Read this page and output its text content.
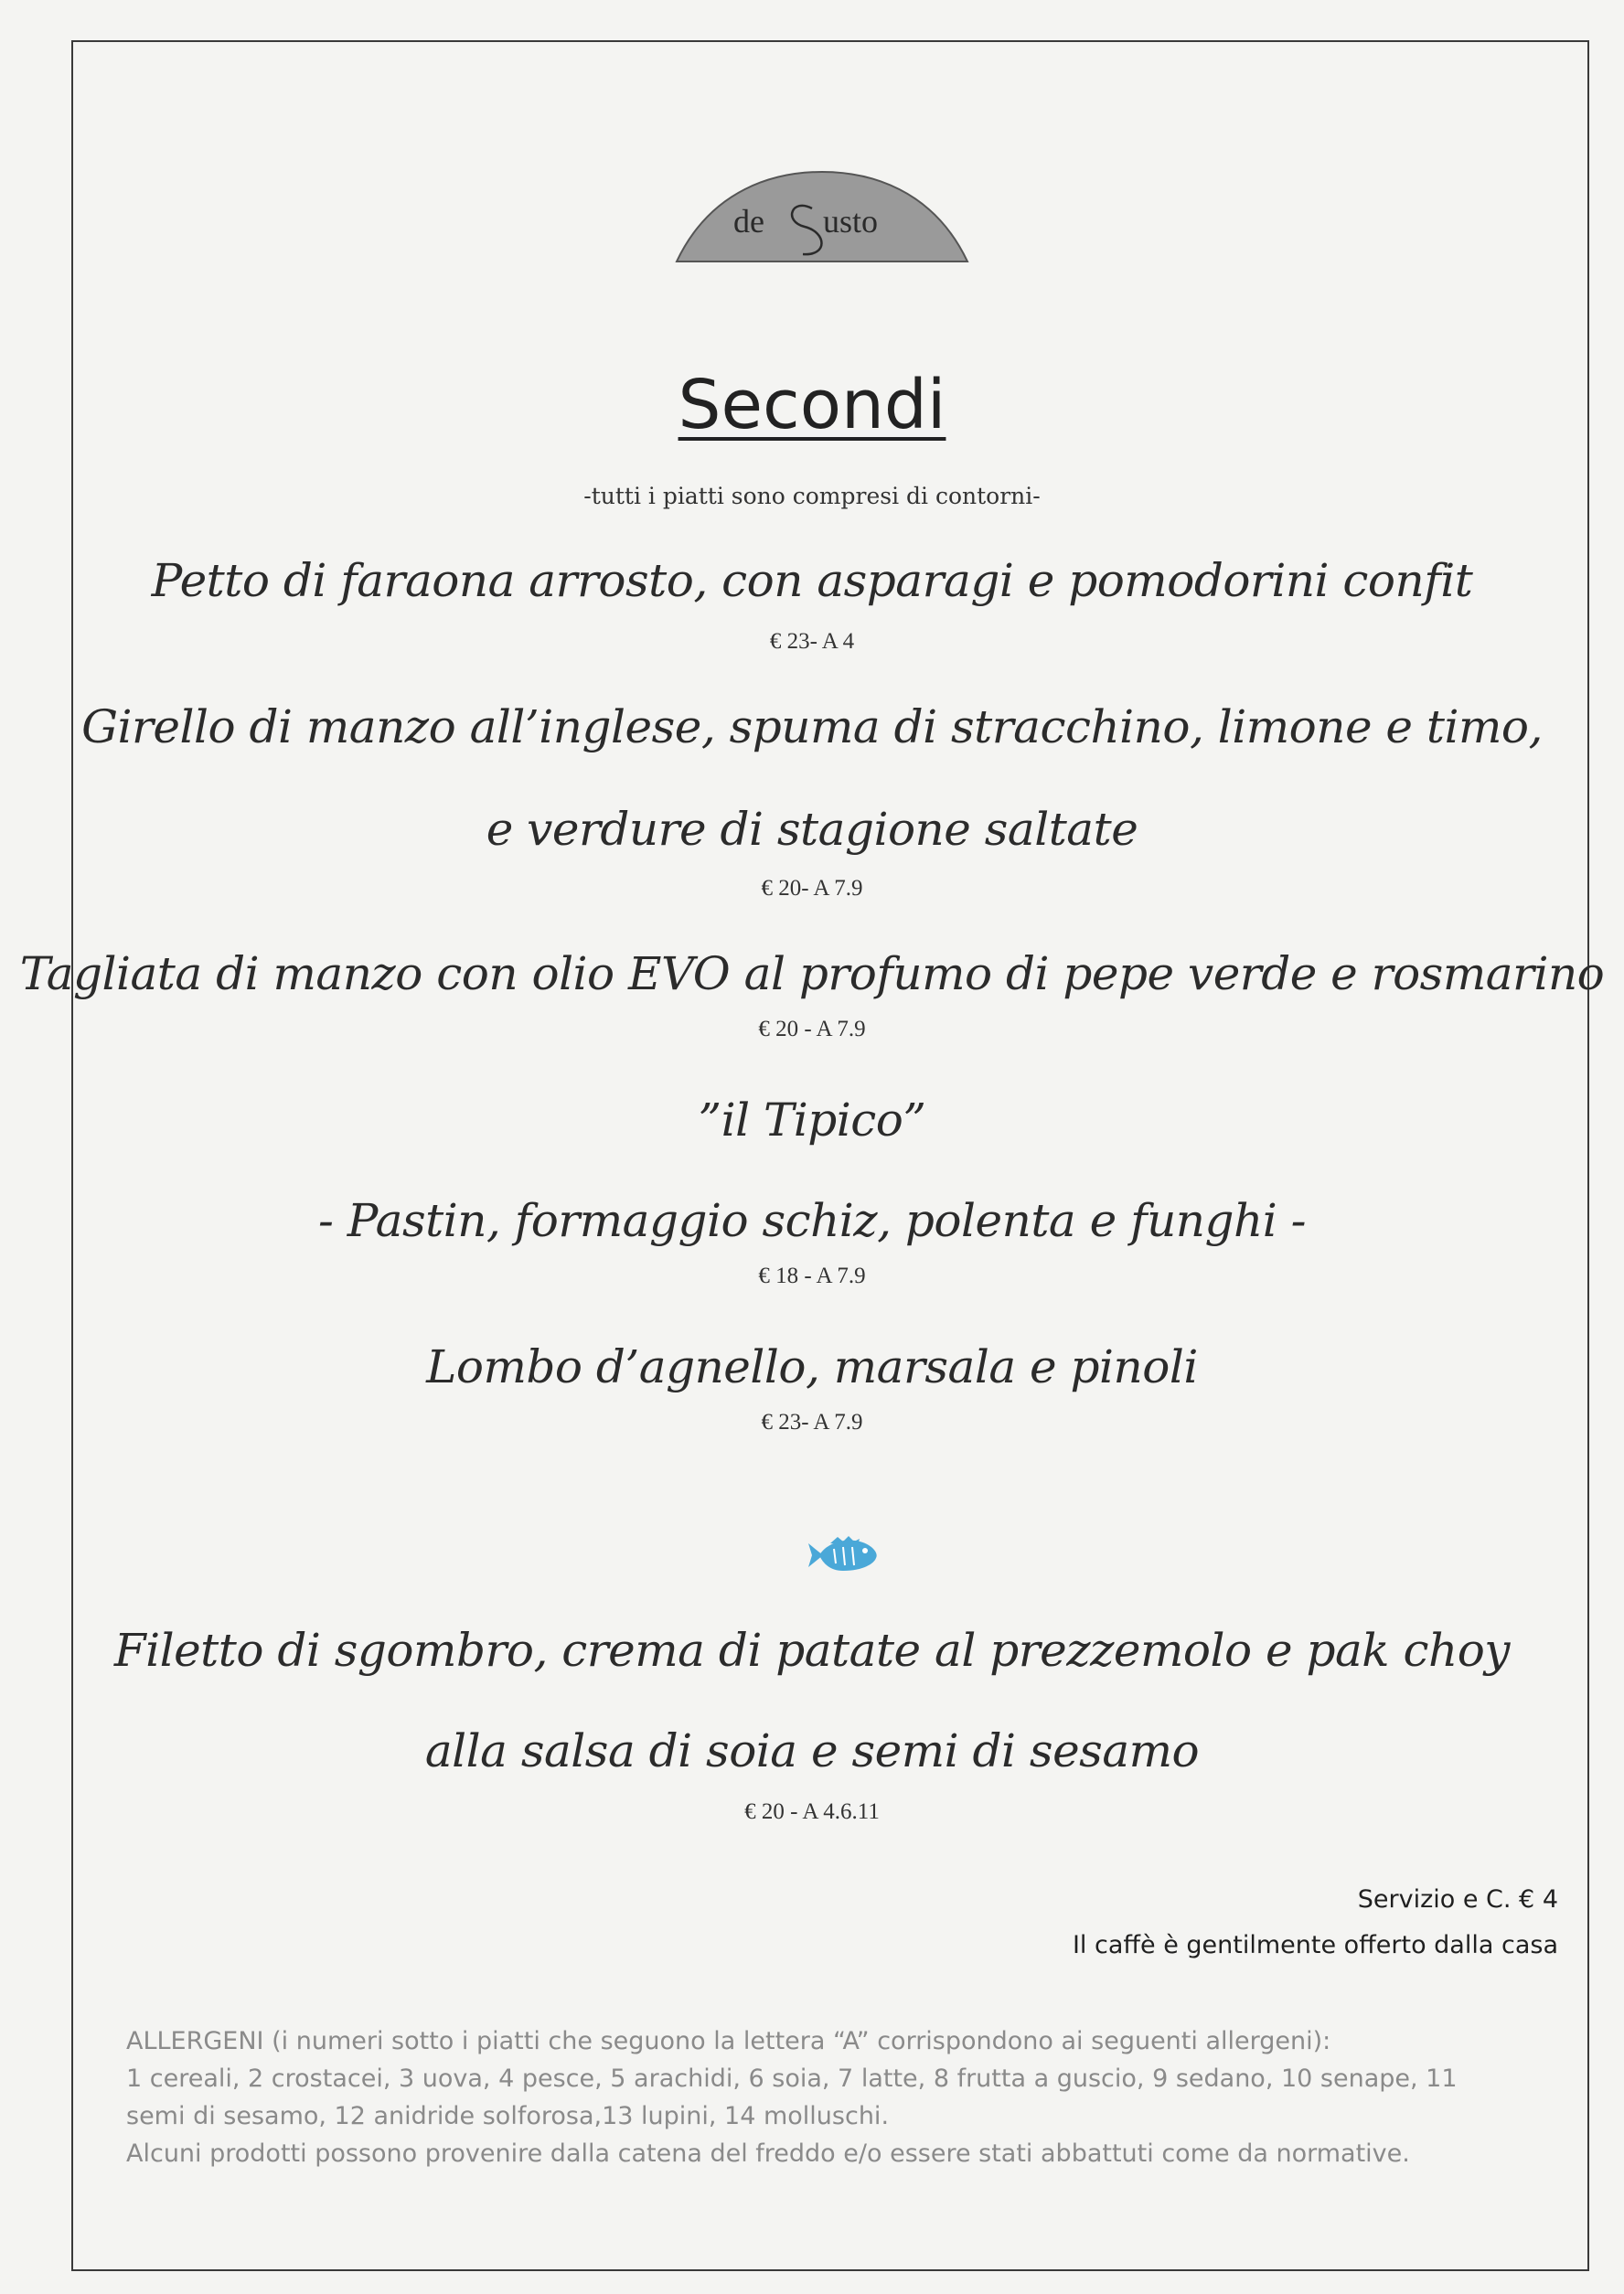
de usto
Secondi
-tutti i piatti sono compresi di contorni-
Petto di faraona arrosto, con asparagi e pomodorini confit
€ 23- A 4
Girello di manzo all’inglese, spuma di stracchino, limone e timo,
e verdure di stagione saltate
€ 20- A 7.9
Tagliata di manzo con olio EVO al profumo di pepe verde e rosmarino
€ 20 - A 7.9
”il Tipico”
- Pastin, formaggio schiz, polenta e funghi -
€ 18 - A 7.9
Lombo d’agnello, marsala e pinoli
€ 23- A 7.9
Filetto di sgombro, crema di patate al prezzemolo e pak choy
alla salsa di soia e semi di sesamo
€ 20 - A 4.6.11
Servizio e C. € 4
Il caffè è gentilmente offerto dalla casa
ALLERGENI (i numeri sotto i piatti che seguono la lettera “A” corrispondono ai seguenti allergeni):
1 cereali, 2 crostacei, 3 uova, 4 pesce, 5 arachidi, 6 soia, 7 latte, 8 frutta a guscio, 9 sedano, 10 senape, 11
semi di sesamo, 12 anidride solforosa,13 lupini, 14 molluschi.
Alcuni prodotti possono provenire dalla catena del freddo e/o essere stati abbattuti come da normative.
